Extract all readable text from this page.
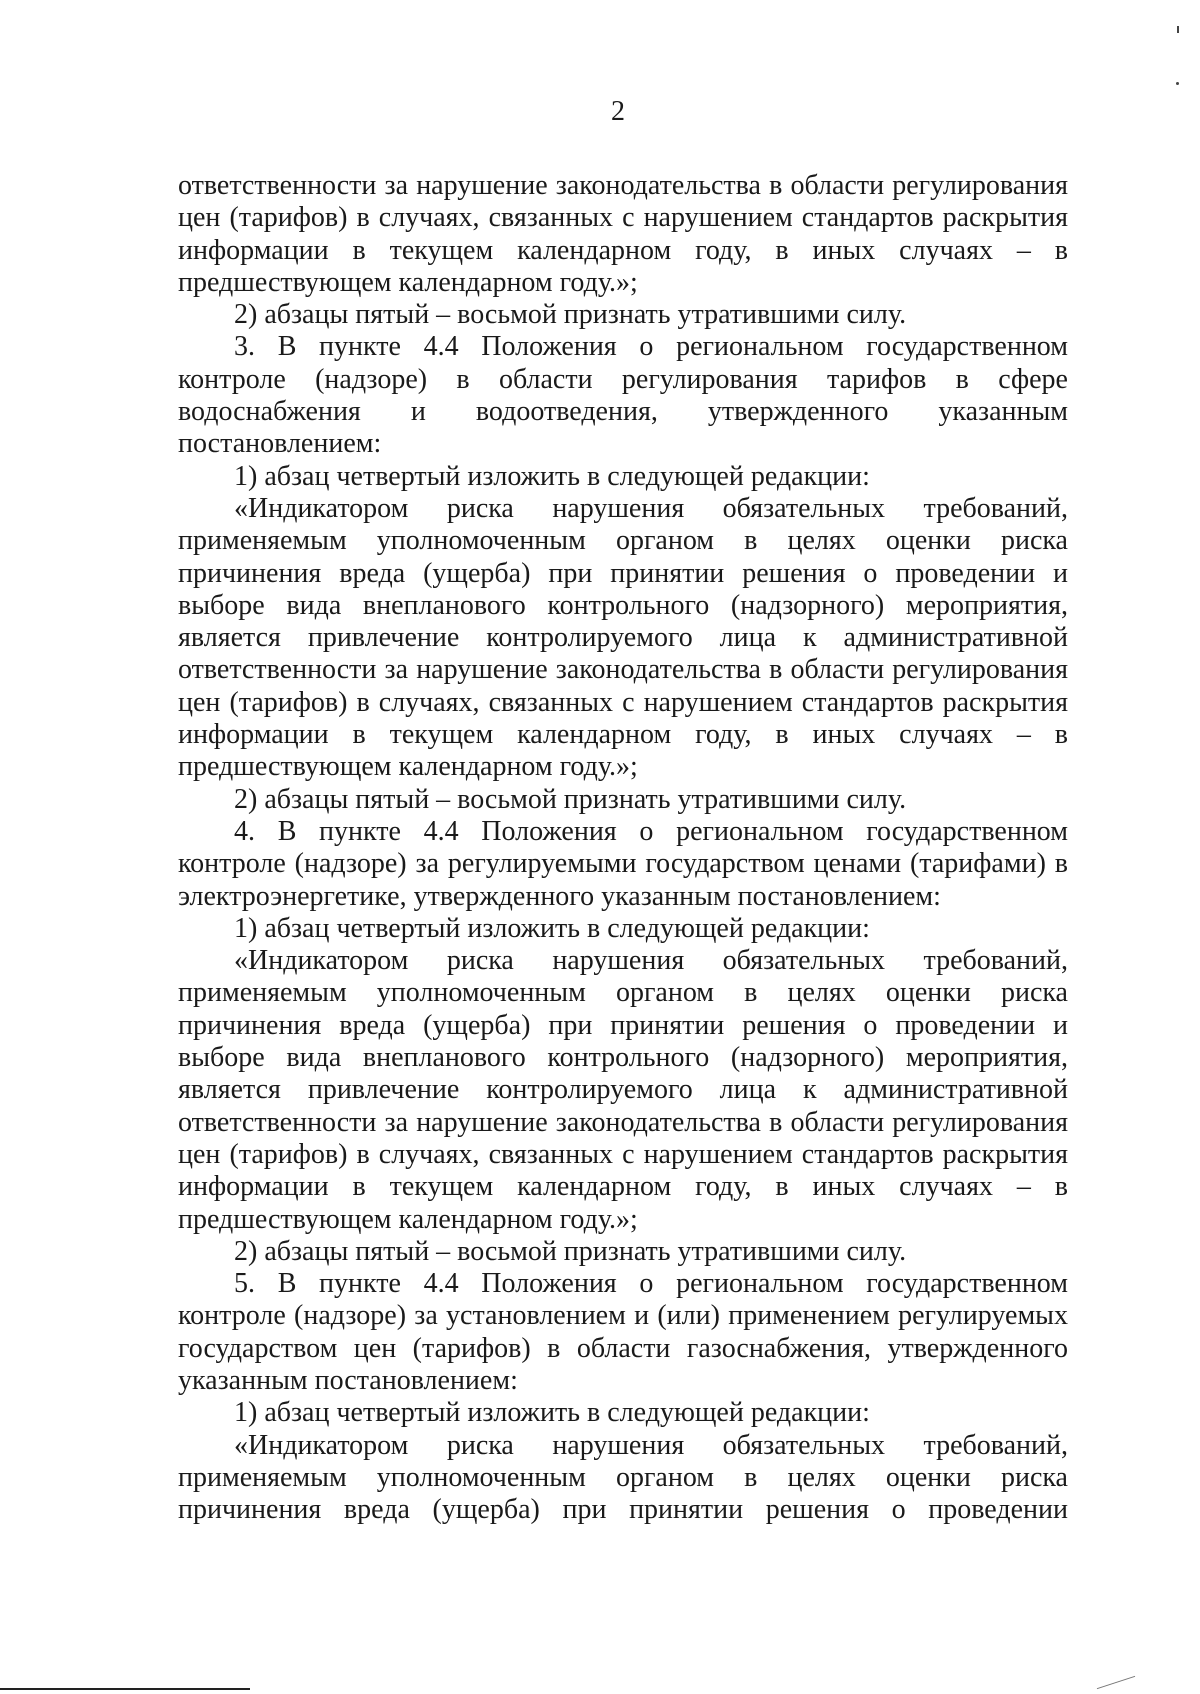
2

ответственности за нарушение законодательства в области регулирования цен (тарифов) в случаях, связанных с нарушением стандартов раскрытия информации в текущем календарном году, в иных случаях – в предшествующем календарном году.»;

2) абзацы пятый – восьмой признать утратившими силу.

3. В пункте 4.4 Положения о региональном государственном контроле (надзоре) в области регулирования тарифов в сфере водоснабжения и водоотведения, утвержденного указанным постановлением:

1) абзац четвертый изложить в следующей редакции:

«Индикатором риска нарушения обязательных требований, применяемым уполномоченным органом в целях оценки риска причинения вреда (ущерба) при принятии решения о проведении и выборе вида внепланового контрольного (надзорного) мероприятия, является привлечение контролируемого лица к административной ответственности за нарушение законодательства в области регулирования цен (тарифов) в случаях, связанных с нарушением стандартов раскрытия информации в текущем календарном году, в иных случаях – в предшествующем календарном году.»;

2) абзацы пятый – восьмой признать утратившими силу.

4. В пункте 4.4 Положения о региональном государственном контроле (надзоре) за регулируемыми государством ценами (тарифами) в электроэнергетике, утвержденного указанным постановлением:

1) абзац четвертый изложить в следующей редакции:

«Индикатором риска нарушения обязательных требований, применяемым уполномоченным органом в целях оценки риска причинения вреда (ущерба) при принятии решения о проведении и выборе вида внепланового контрольного (надзорного) мероприятия, является привлечение контролируемого лица к административной ответственности за нарушение законодательства в области регулирования цен (тарифов) в случаях, связанных с нарушением стандартов раскрытия информации в текущем календарном году, в иных случаях – в предшествующем календарном году.»;

2) абзацы пятый – восьмой признать утратившими силу.

5. В пункте 4.4 Положения о региональном государственном контроле (надзоре) за установлением и (или) применением регулируемых государством цен (тарифов) в области газоснабжения, утвержденного указанным постановлением:

1) абзац четвертый изложить в следующей редакции:

«Индикатором риска нарушения обязательных требований, применяемым уполномоченным органом в целях оценки риска причинения вреда (ущерба) при принятии решения о проведении
